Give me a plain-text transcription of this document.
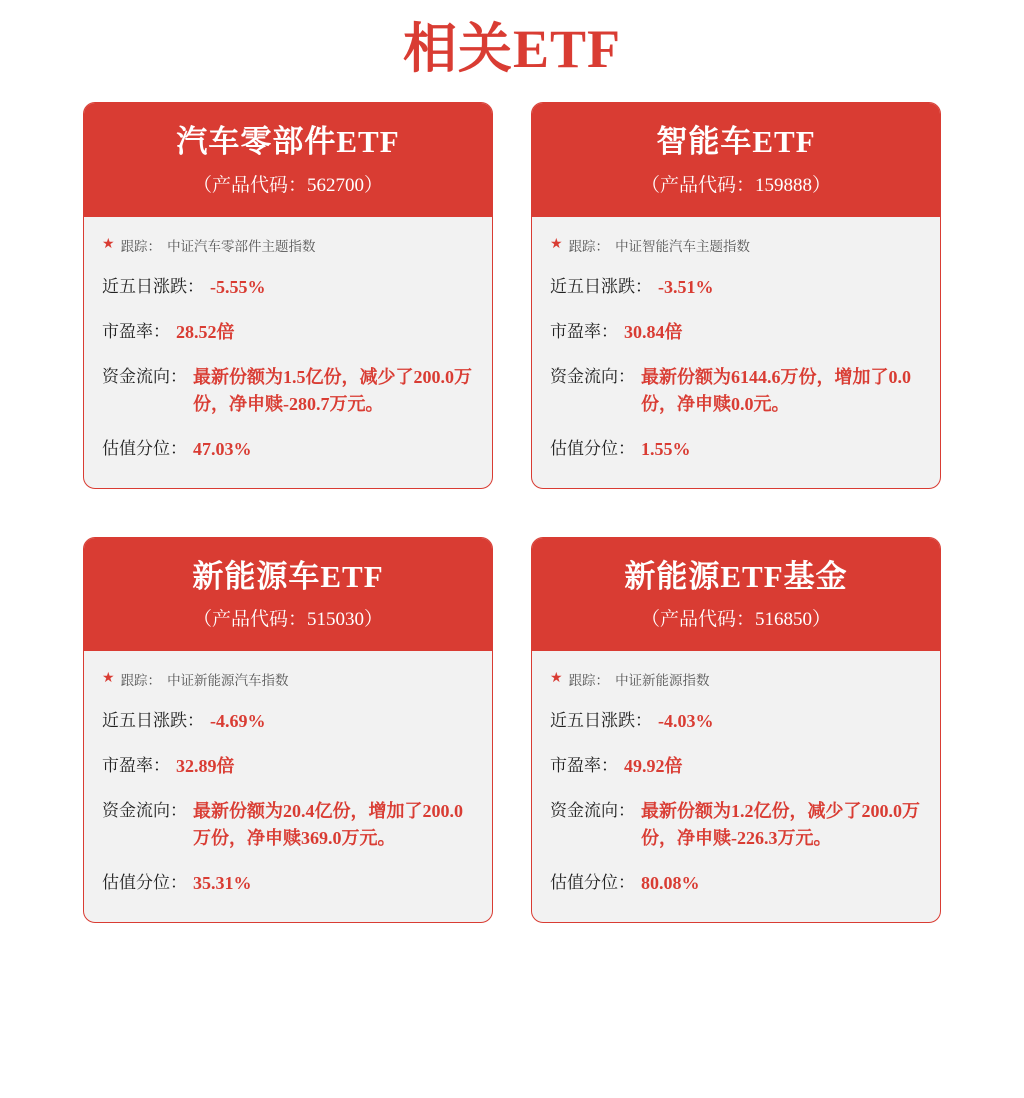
相关ETF
汽车零部件ETF
（产品代码：562700）
★ 跟踪： 中证汽车零部件主题指数
近五日涨跌： -5.55%
市盈率： 28.52倍
资金流向： 最新份额为1.5亿份，减少了200.0万份，净申赎-280.7万元。
估值分位： 47.03%
智能车ETF
（产品代码：159888）
★ 跟踪： 中证智能汽车主题指数
近五日涨跌： -3.51%
市盈率： 30.84倍
资金流向： 最新份额为6144.6万份，增加了0.0份，净申赎0.0元。
估值分位： 1.55%
新能源车ETF
（产品代码：515030）
★ 跟踪： 中证新能源汽车指数
近五日涨跌： -4.69%
市盈率： 32.89倍
资金流向： 最新份额为20.4亿份，增加了200.0万份，净申赎369.0万元。
估值分位： 35.31%
新能源ETF基金
（产品代码：516850）
★ 跟踪： 中证新能源指数
近五日涨跌： -4.03%
市盈率： 49.92倍
资金流向： 最新份额为1.2亿份，减少了200.0万份，净申赎-226.3万元。
估值分位： 80.08%
